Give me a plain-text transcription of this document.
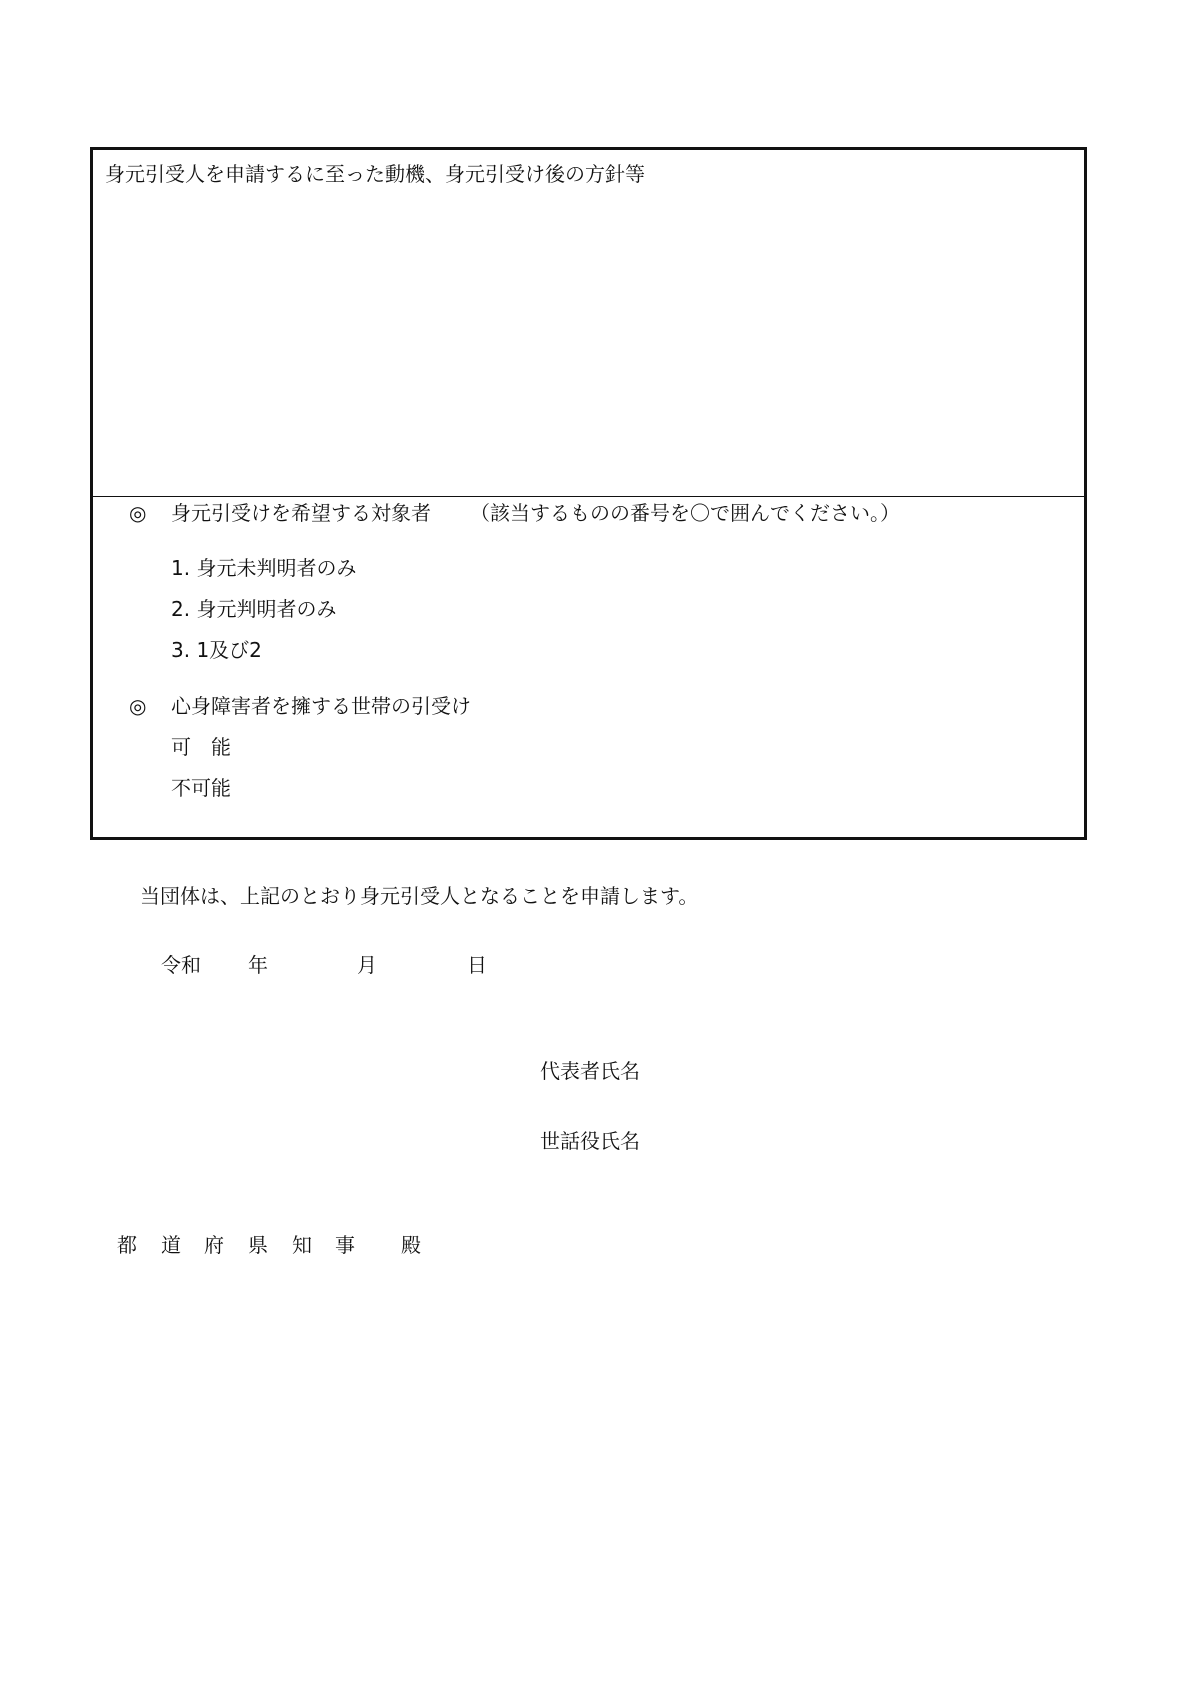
身元引受人を申請するに至った動機、身元引受け後の方針等
◎ 身元引受けを希望する対象者 （該当するものの番号を〇で囲んでください。）
1. 身元未判明者のみ
2. 身元判明者のみ
3. 1及び2
◎ 心身障害者を擁する世帯の引受け
可　能
不可能
当団体は、上記のとおり身元引受人となることを申請します。
令和 年	月	日
代表者氏名
世話役氏名
都 道 府 県 知 事 殿
